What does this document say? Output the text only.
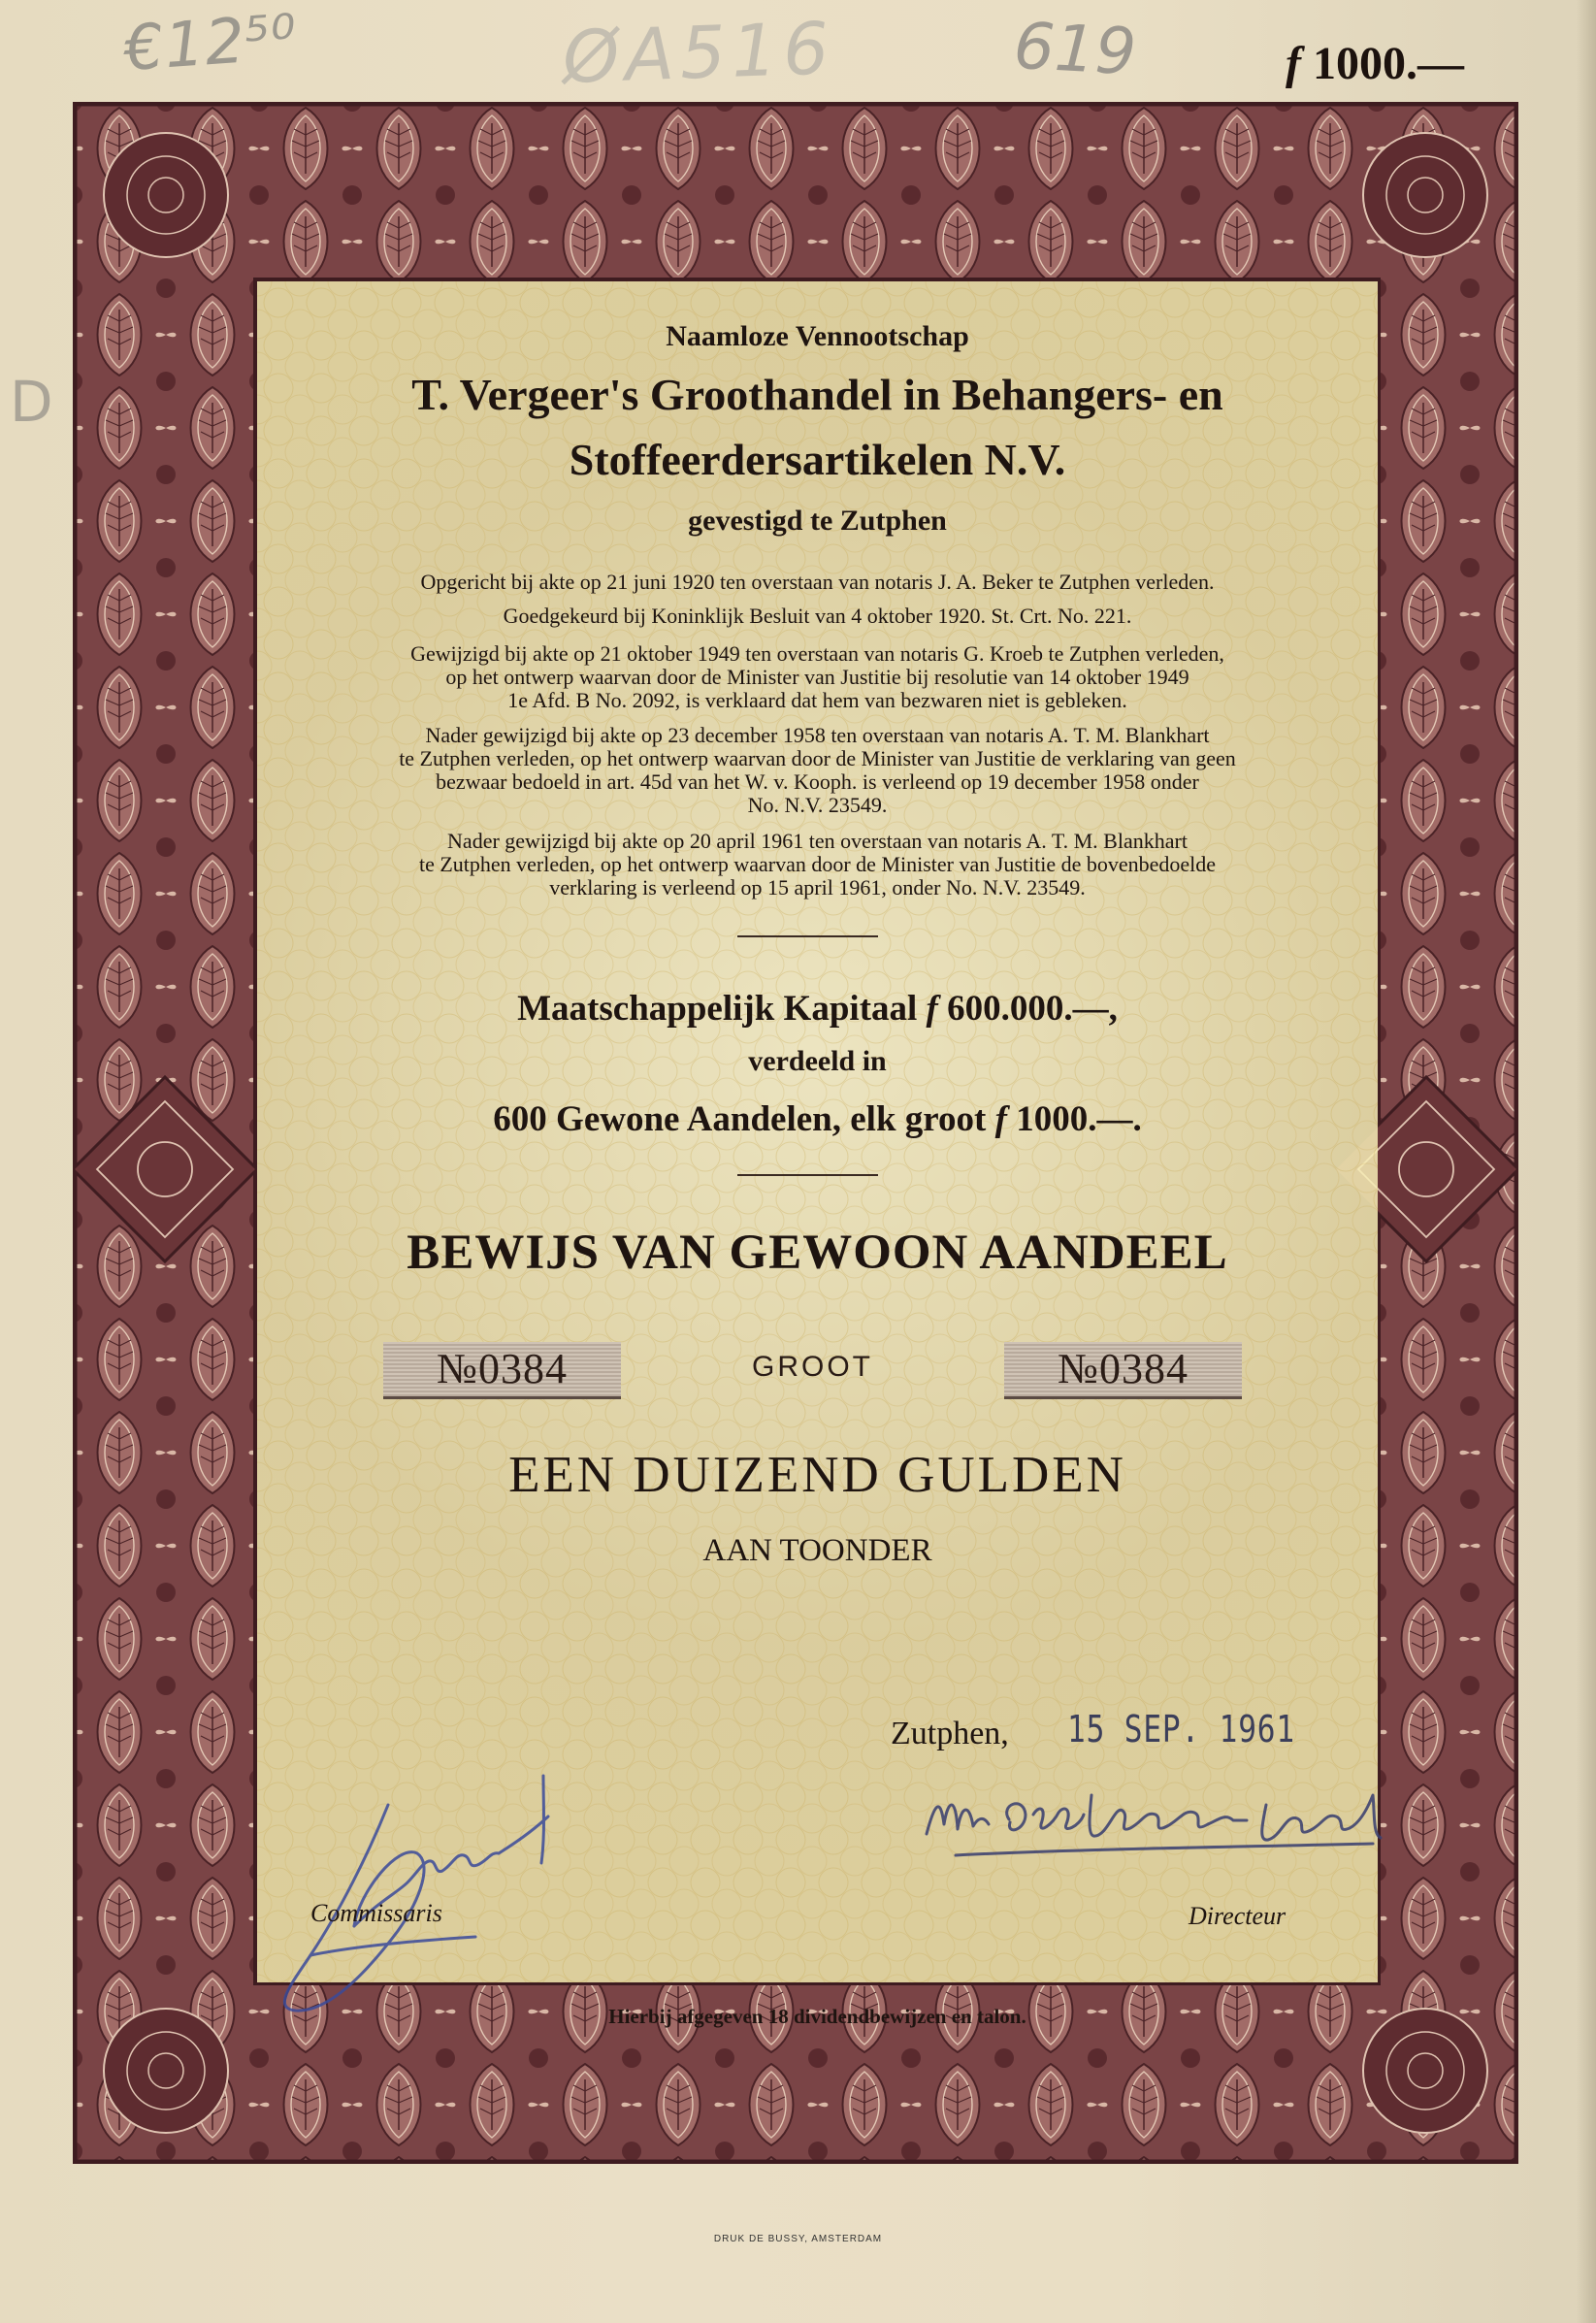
€12⁵⁰	ØA516	619
D
f 1000.—
Naamloze Vennootschap
T. Vergeer's Groothandel in Behangers- en
Stoffeerdersartikelen N.V.
gevestigd te Zutphen
Opgericht bij akte op 21 juni 1920 ten overstaan van notaris J. A. Beker te Zutphen verleden.
Goedgekeurd bij Koninklijk Besluit van 4 oktober 1920. St. Crt. No. 221.
Gewijzigd bij akte op 21 oktober 1949 ten overstaan van notaris G. Kroeb te Zutphen verleden,
op het ontwerp waarvan door de Minister van Justitie bij resolutie van 14 oktober 1949
1e Afd. B No. 2092, is verklaard dat hem van bezwaren niet is gebleken.
Nader gewijzigd bij akte op 23 december 1958 ten overstaan van notaris A. T. M. Blankhart
te Zutphen verleden, op het ontwerp waarvan door de Minister van Justitie de verklaring van geen
bezwaar bedoeld in art. 45d van het W. v. Kooph. is verleend op 19 december 1958 onder
No. N.V. 23549.
Nader gewijzigd bij akte op 20 april 1961 ten overstaan van notaris A. T. M. Blankhart
te Zutphen verleden, op het ontwerp waarvan door de Minister van Justitie de bovenbedoelde
verklaring is verleend op 15 april 1961, onder No. N.V. 23549.
Maatschappelijk Kapitaal f 600.000.—,
verdeeld in
600 Gewone Aandelen, elk groot f 1000.—.
BEWIJS VAN GEWOON AANDEEL
№0384	GROOT	№0384
EEN DUIZEND GULDEN
AAN TOONDER
Zutphen, 15 SEP. 1961
Commissaris	Directeur
Hierbij afgegeven 18 dividendbewijzen en talon.
DRUK DE BUSSY, AMSTERDAM
